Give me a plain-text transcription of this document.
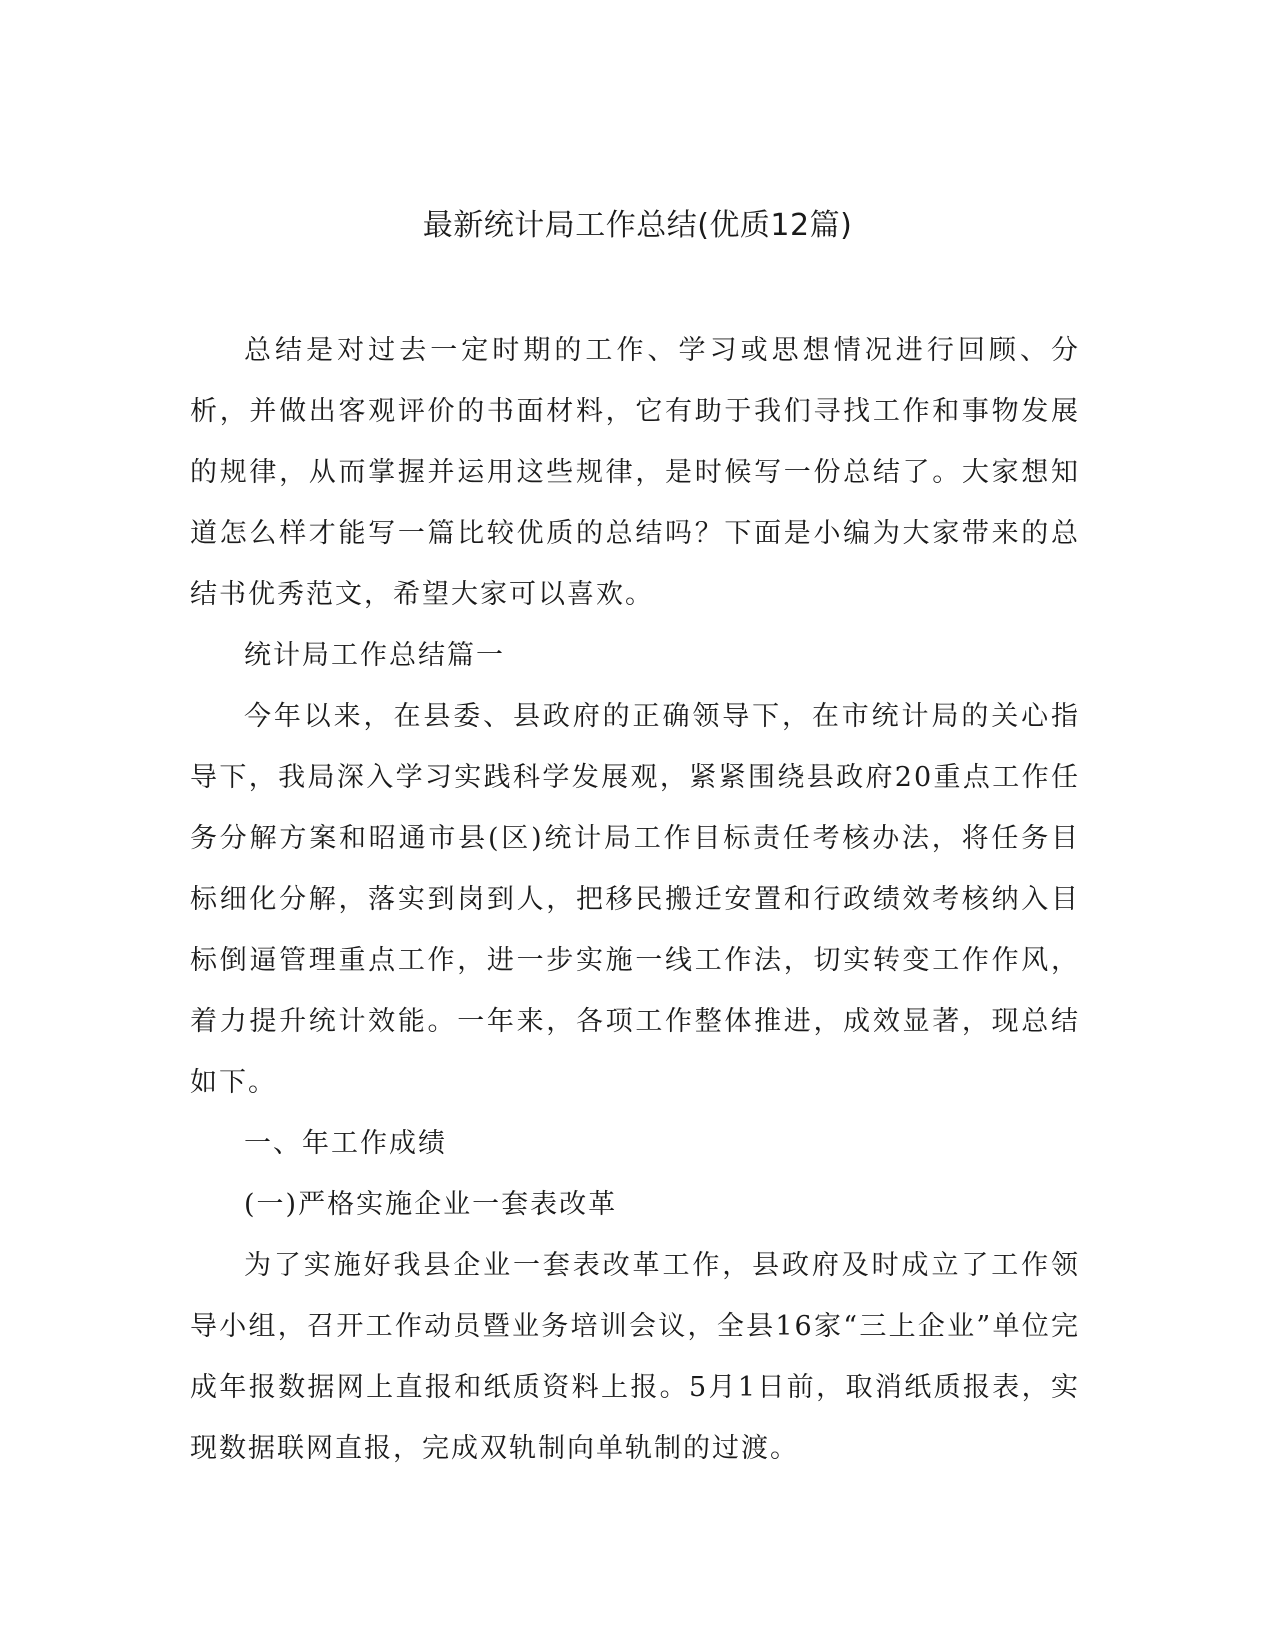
最新统计局工作总结(优质12篇)

总结是对过去一定时期的工作、学习或思想情况进行回顾、分析，并做出客观评价的书面材料，它有助于我们寻找工作和事物发展的规律，从而掌握并运用这些规律，是时候写一份总结了。大家想知道怎么样才能写一篇比较优质的总结吗？下面是小编为大家带来的总结书优秀范文，希望大家可以喜欢。

统计局工作总结篇一

今年以来，在县委、县政府的正确领导下，在市统计局的关心指导下，我局深入学习实践科学发展观，紧紧围绕县政府20重点工作任务分解方案和昭通市县(区)统计局工作目标责任考核办法，将任务目标细化分解，落实到岗到人，把移民搬迁安置和行政绩效考核纳入目标倒逼管理重点工作，进一步实施一线工作法，切实转变工作作风，着力提升统计效能。一年来，各项工作整体推进，成效显著，现总结如下。

一、年工作成绩

(一)严格实施企业一套表改革

为了实施好我县企业一套表改革工作，县政府及时成立了工作领导小组，召开工作动员暨业务培训会议，全县16家“三上企业”单位完成年报数据网上直报和纸质资料上报。5月1日前，取消纸质报表，实现数据联网直报，完成双轨制向单轨制的过渡。
